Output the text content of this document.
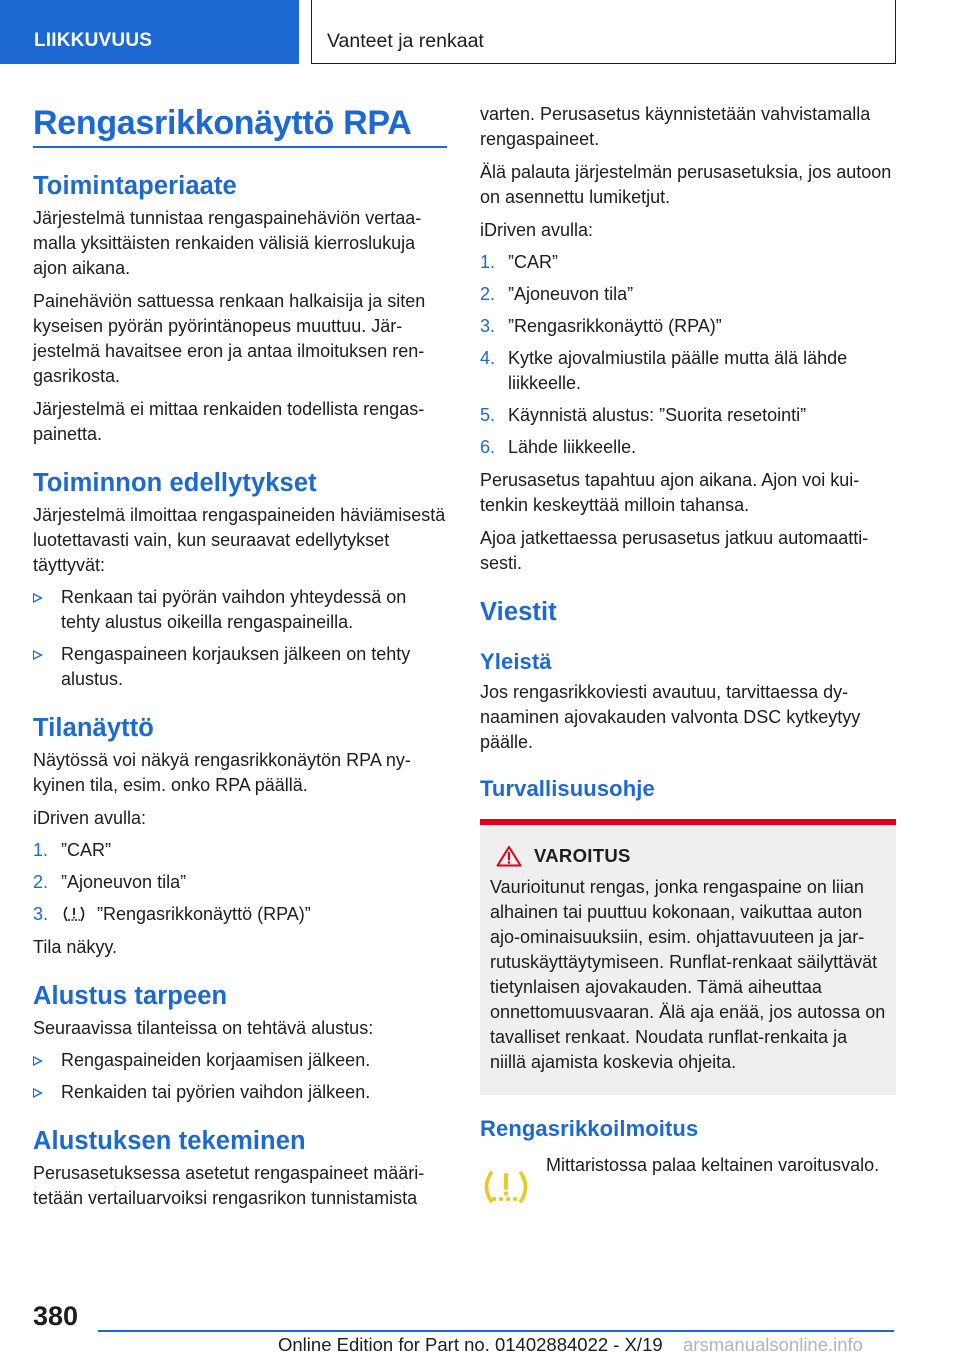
LIIKKUVUUS	Vanteet ja renkaat
Rengasrikkonäyttö RPA
Toimintaperiaate

Järjestelmä tunnistaa rengaspainehäviön vertaamalla yksittäisten renkaiden välisiä kierroslukuja ajon aikana.

Painehäviön sattuessa renkaan halkaisija ja siten kyseisen pyörän pyörintänopeus muuttuu. Järjestelmä havaitsee eron ja antaa ilmoituksen rengasrikosta.

Järjestelmä ei mittaa renkaiden todellista rengaspainetta.

Toiminnon edellytykset

Järjestelmä ilmoittaa rengaspaineiden häviämisestä luotettavasti vain, kun seuraavat edellytykset täyttyvät:

Renkaan tai pyörän vaihdon yhteydessä on tehty alustus oikeilla rengaspaineilla.
Rengaspaineen korjauksen jälkeen on tehty alustus.
Tilanäyttö

Näytössä voi näkyä rengasrikkonäytön RPA nykyinen tila, esim. onko RPA päällä.

iDriven avulla:

1. ”CAR”
2. ”Ajoneuvon tila”
3.	”Rengasrikkonäyttö (RPA)”

Tila näkyy.

Alustus tarpeen

Seuraavissa tilanteissa on tehtävä alustus:

Rengaspaineiden korjaamisen jälkeen.
Renkaiden tai pyörien vaihdon jälkeen.
Alustuksen tekeminen

Perusasetuksessa asetetut rengaspaineet määritetään vertailuarvoiksi rengasrikon tunnistamista

varten. Perusasetus käynnistetään vahvistamalla rengaspaineet.

Älä palauta järjestelmän perusasetuksia, jos autoon on asennettu lumiketjut.

iDriven avulla:

1. ”CAR”
2. ”Ajoneuvon tila”
3. ”Rengasrikkonäyttö (RPA)”
4. Kytke ajovalmiustila päälle mutta älä lähde liikkeelle.
5. Käynnistä alustus: ”Suorita resetointi”
6. Lähde liikkeelle.

Perusasetus tapahtuu ajon aikana. Ajon voi kuitenkin keskeyttää milloin tahansa.

Ajoa jatkettaessa perusasetus jatkuu automaattisesti.

Viestit
Yleistä

Jos rengasrikkoviesti avautuu, tarvittaessa dynaaminen ajovakauden valvonta DSC kytkeytyy päälle.

Turvallisuusohje
VAROITUS

Vaurioitunut rengas, jonka rengaspaine on liian alhainen tai puuttuu kokonaan, vaikuttaa auton ajo-ominaisuuksiin, esim. ohjattavuuteen ja jarrutuskäyttäytymiseen. Runflat-renkaat säilyttävät tietynlaisen ajovakauden. Tämä aiheuttaa onnettomuusvaaran. Älä aja enää, jos autossa on tavalliset renkaat. Noudata runflat-renkaita ja niillä ajamista koskevia ohjeita.

Rengasrikkoilmoitus

Mittaristossa palaa keltainen varoitusvalo.

380
Online Edition for Part no. 01402884022 - X/19 arsmanualsonline.info
